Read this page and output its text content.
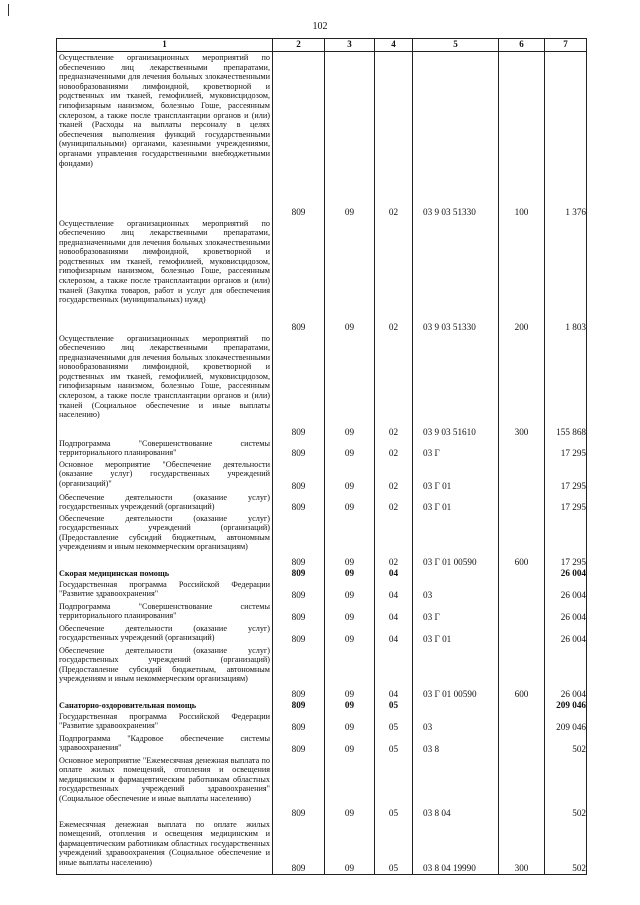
102
1	2	3	4	5	6	7
Осуществление организационных мероприятий по обеспечению лиц лекарственными препаратами, предназначенными для лечения больных злокачественными новообразованиями лимфоидной, кроветворной и родственных им тканей, гемофилией, муковисцидозом, гипофизарным нанизмом, болезнью Гоше, рассеянным склерозом, а также после трансплантации органов и (или) тканей (Расходы на выплаты персоналу в целях обеспечения выполнения функций государственными (муниципальными) органами, казенными учреждениями, органами управления государственными внебюджетными фондами)	809	09	02	03 9 03 51330	100	1 376
Осуществление организационных мероприятий по обеспечению лиц лекарственными препаратами, предназначенными для лечения больных злокачественными новообразованиями лимфоидной, кроветворной и родственных им тканей, гемофилией, муковисцидозом, гипофизарным нанизмом, болезнью Гоше, рассеянным склерозом, а также после трансплантации органов и (или) тканей (Закупка товаров, работ и услуг для обеспечения государственных (муниципальных) нужд)	809	09	02	03 9 03 51330	200	1 803
Осуществление организационных мероприятий по обеспечению лиц лекарственными препаратами, предназначенными для лечения больных злокачественными новообразованиями лимфоидной, кроветворной и родственных им тканей, гемофилией, муковисцидозом, гипофизарным нанизмом, болезнью Гоше, рассеянным склерозом, а также после трансплантации органов и (или) тканей (Социальное обеспечение и иные выплаты населению)	809	09	02	03 9 03 51610	300	155 868
Подпрограмма "Совершенствование системы территориального планирования"	809	09	02	03 Г		17 295
Основное мероприятие "Обеспечение деятельности (оказание услуг) государственных учреждений (организаций)"	809	09	02	03 Г 01		17 295
Обеспечение деятельности (оказание услуг) государственных учреждений (организаций)	809	09	02	03 Г 01		17 295
Обеспечение деятельности (оказание услуг) государственных учреждений (организаций) (Предоставление субсидий бюджетным, автономным учреждениям и иным некоммерческим организациям)	809	09	02	03 Г 01 00590	600	17 295
Скорая медицинская помощь	809	09	04			26 004
Государственная программа Российской Федерации "Развитие здравоохранения"	809	09	04	03		26 004
Подпрограмма "Совершенствование системы территориального планирования"	809	09	04	03 Г		26 004
Обеспечение деятельности (оказание услуг) государственных учреждений (организаций)	809	09	04	03 Г 01		26 004
Обеспечение деятельности (оказание услуг) государственных учреждений (организаций) (Предоставление субсидий бюджетным, автономным учреждениям и иным некоммерческим организациям)	809	09	04	03 Г 01 00590	600	26 004
Санаторно-оздоровительная помощь	809	09	05			209 046
Государственная программа Российской Федерации "Развитие здравоохранения"	809	09	05	03		209 046
Подпрограмма "Кадровое обеспечение системы здравоохранения"	809	09	05	03 8		502
Основное мероприятие "Ежемесячная денежная выплата по оплате жилых помещений, отопления и освещения медицинским и фармацевтическим работникам областных государственных учреждений здравоохранения" (Социальное обеспечение и иные выплаты населению)	809	09	05	03 8 04		502
Ежемесячная денежная выплата по оплате жилых помещений, отопления и освещения медицинским и фармацевтическим работникам областных государственных учреждений здравоохранения (Социальное обеспечение и иные выплаты населению)	809	09	05	03 8 04 19990	300	502
